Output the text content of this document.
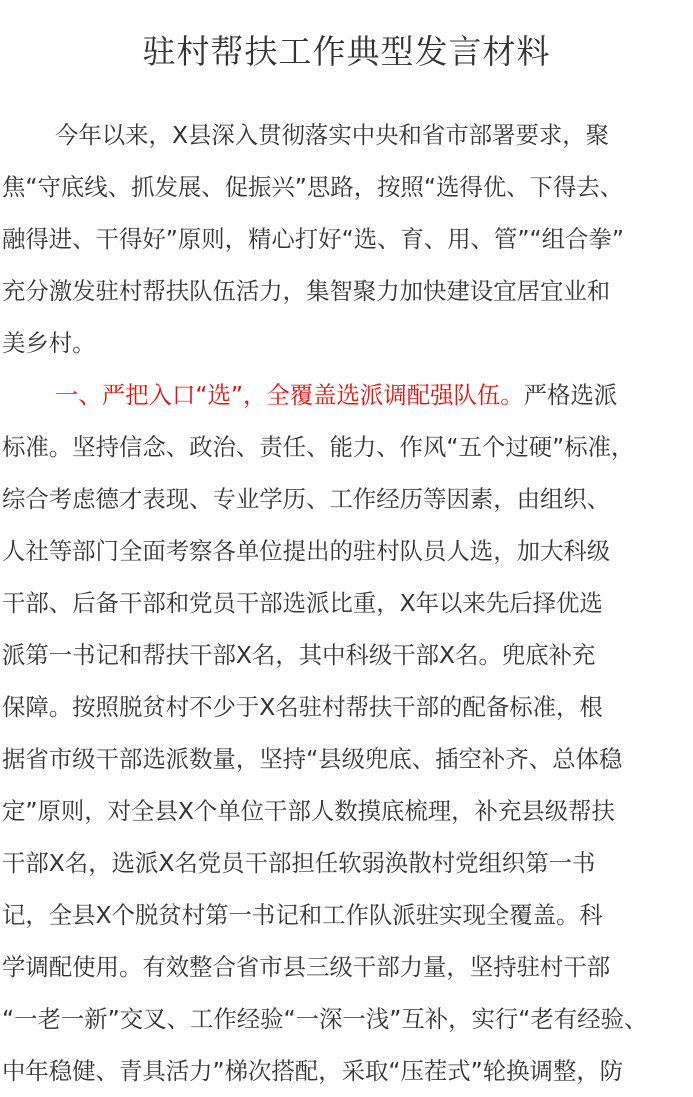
驻村帮扶工作典型发言材料
今年以来，X县深入贯彻落实中央和省市部署要求，聚
焦“守底线、抓发展、促振兴”思路，按照“选得优、下得去、
融得进、干得好”原则，精心打好“选、育、用、管”“组合拳”
充分激发驻村帮扶队伍活力，集智聚力加快建设宜居宜业和
美乡村。
一、严把入口“选”，全覆盖选派调配强队伍。严格选派
标准。坚持信念、政治、责任、能力、作风“五个过硬”标准，
综合考虑德才表现、专业学历、工作经历等因素，由组织、
人社等部门全面考察各单位提出的驻村队员人选，加大科级
干部、后备干部和党员干部选派比重，X年以来先后择优选
派第一书记和帮扶干部X名，其中科级干部X名。兜底补充
保障。按照脱贫村不少于X名驻村帮扶干部的配备标准，根
据省市级干部选派数量，坚持“县级兜底、插空补齐、总体稳
定”原则，对全县X个单位干部人数摸底梳理，补充县级帮扶
干部X名，选派X名党员干部担任软弱涣散村党组织第一书
记，全县X个脱贫村第一书记和工作队派驻实现全覆盖。科
学调配使用。有效整合省市县三级干部力量，坚持驻村干部
“一老一新”交叉、工作经验“一深一浅”互补，实行“老有经验、
中年稳健、青具活力”梯次搭配，采取“压茬式”轮换调整，防
